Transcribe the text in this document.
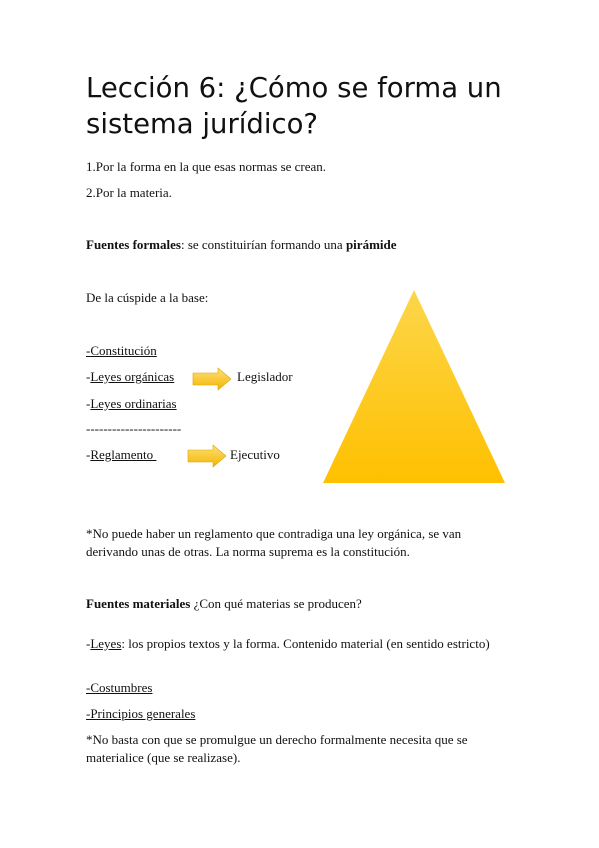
Lección 6: ¿Cómo se forma un sistema jurídico?
1.Por la forma en la que esas normas se crean.
2.Por la materia.
Fuentes formales: se constituirían formando una pirámide
De la cúspide a la base:
-Constitución
-Leyes orgánicas	Legislador
-Leyes ordinarias
----------------------
-Reglamento	Ejecutivo
*No puede haber un reglamento que contradiga una ley orgánica, se van derivando unas de otras. La norma suprema es la constitución.
Fuentes materiales ¿Con qué materias se producen?
-Leyes: los propios textos y la forma. Contenido material (en sentido estricto)
-Costumbres
-Principios generales
*No basta con que se promulgue un derecho formalmente necesita que se materialice (que se realizase).
